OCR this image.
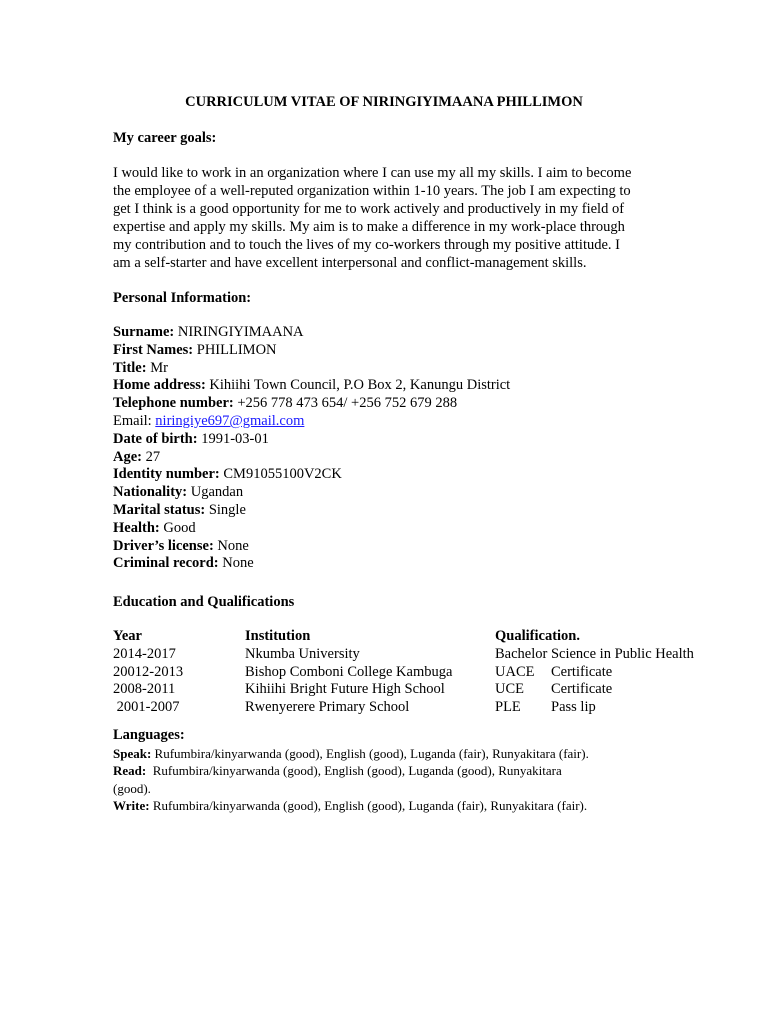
CURRICULUM VITAE OF NIRINGIYIMAANA PHILLIMON
My career goals:

I would like to work in an organization where I can use my all my skills. I aim to become
the employee of a well-reputed organization within 1-10 years. The job I am expecting to
get I think is a good opportunity for me to work actively and productively in my field of
expertise and apply my skills. My aim is to make a difference in my work-place through
my contribution and to touch the lives of my co-workers through my positive attitude. I
am a self-starter and have excellent interpersonal and conflict-management skills.

Personal Information:
Surname: NIRINGIYIMAANA
First Names: PHILLIMON
Title: Mr
Home address: Kihiihi Town Council, P.O Box 2, Kanungu District
Telephone number: +256 778 473 654/ +256 752 679 288
Email: niringiye697@gmail.com
Date of birth: 1991-03-01
Age: 27
Identity number: CM91055100V2CK
Nationality: Ugandan
Marital status: Single
Health: Good
Driver’s license: None
Criminal record: None
Education and Qualifications
Year	Institution	Qualification.
2014-2017	Nkumba University	Bachelor Science in Public Health
20012-2013	Bishop Comboni College Kambuga	UACE Certificate
2008-2011	Kihiihi Bright Future High School	UCE Certificate
2001-2007	Rwenyerere Primary School	PLE Pass lip
Languages:
Speak: Rufumbira/kinyarwanda (good), English (good), Luganda (fair), Runyakitara (fair).
Read:  Rufumbira/kinyarwanda (good), English (good), Luganda (good), Runyakitara
(good).
Write: Rufumbira/kinyarwanda (good), English (good), Luganda (fair), Runyakitara (fair).
